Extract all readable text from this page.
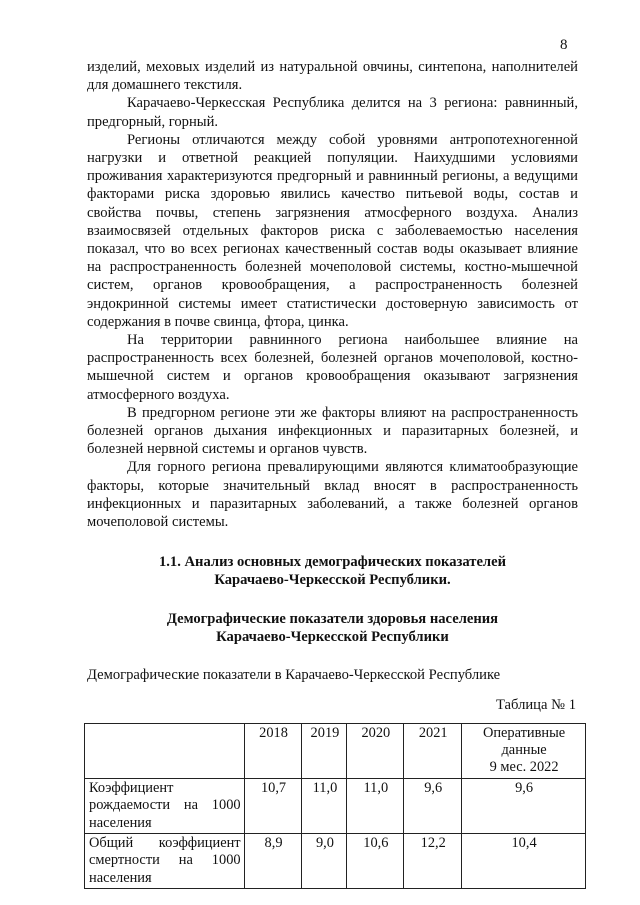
8

изделий, меховых изделий из натуральной овчины, синтепона, наполнителей для домашнего текстиля.

Карачаево-Черкесская Республика делится на 3 региона: равнинный, предгорный, горный.

Регионы отличаются между собой уровнями антропотехногенной нагрузки и ответной реакцией популяции. Наихудшими условиями проживания характеризуются предгорный и равнинный регионы, а ведущими факторами риска здоровью явились качество питьевой воды, состав и свойства почвы, степень загрязнения атмосферного воздуха. Анализ взаимосвязей отдельных факторов риска с заболеваемостью населения показал, что во всех регионах качественный состав воды оказывает влияние на распространенность болезней мочеполовой системы, костно-мышечной систем, органов кровообращения, а распространенность болезней эндокринной системы имеет статистически достоверную зависимость от содержания в почве свинца, фтора, цинка.

На территории равнинного региона наибольшее влияние на распространенность всех болезней, болезней органов мочеполовой, костно-мышечной систем и органов кровообращения оказывают загрязнения атмосферного воздуха.

В предгорном регионе эти же факторы влияют на распространенность болезней органов дыхания инфекционных и паразитарных болезней, и болезней нервной системы и органов чувств.

Для горного региона превалирующими являются климатообразующие факторы, которые значительный вклад вносят в распространенность инфекционных и паразитарных заболеваний, а также болезней органов мочеполовой системы.

1.1. Анализ основных демографических показателей
Карачаево-Черкесской Республики.
Демографические показатели здоровья населения
Карачаево-Черкесской Республики
Демографические показатели в Карачаево-Черкесской Республике
Таблица № 1
	2018	2019	2020	2021	Оперативные
данные
9 мес. 2022

Коэффициент рождаемости на 1000 населения	10,7	11,0	11,0	9,6	9,6
Общий коэффициент смертности на 1000 населения	8,9	9,0	10,6	12,2	10,4
